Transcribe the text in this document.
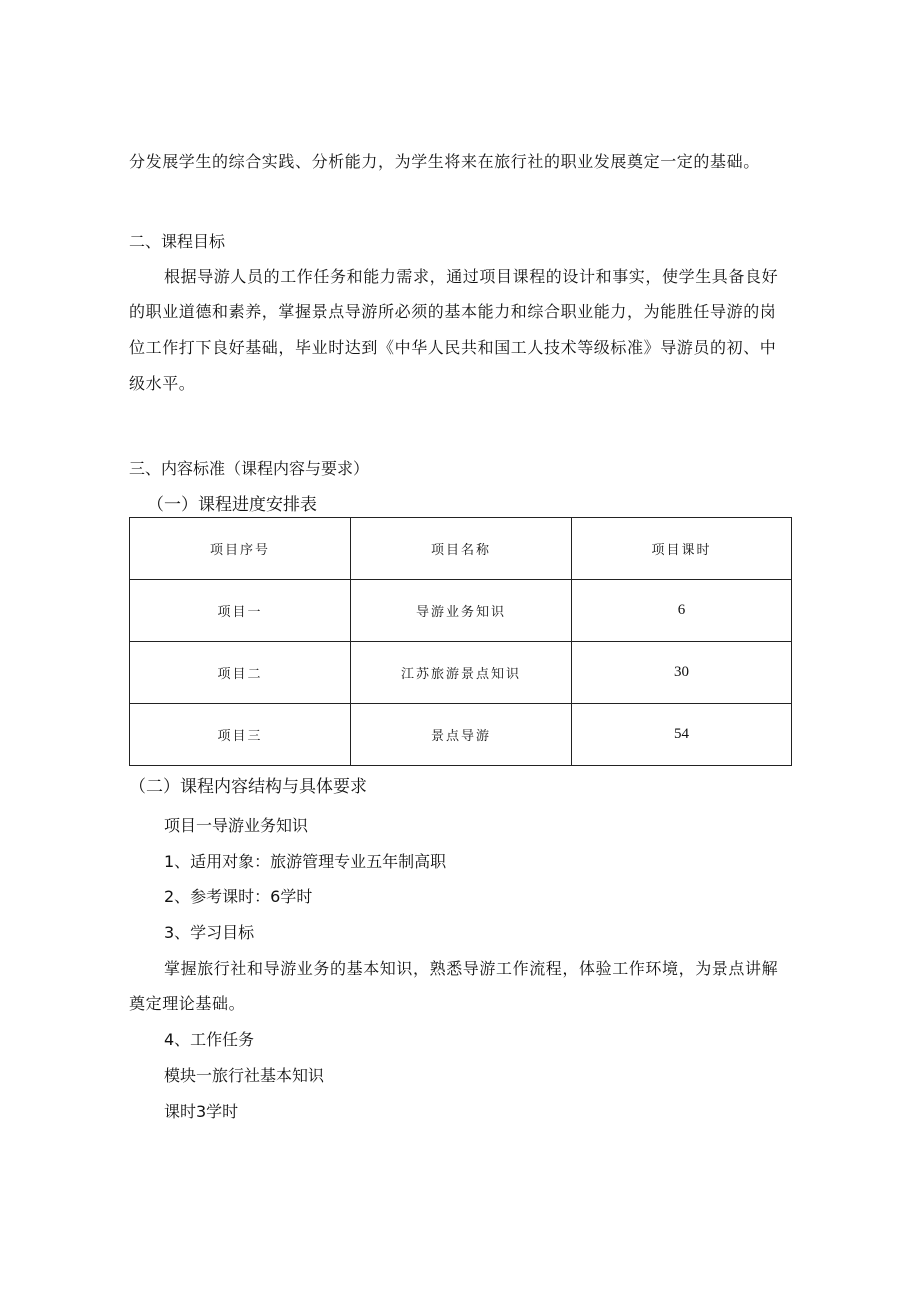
分发展学生的综合实践、分析能力，为学生将来在旅行社的职业发展奠定一定的基础。
二、课程目标
根据导游人员的工作任务和能力需求，通过项目课程的设计和事实，使学生具备良好
的职业道德和素养，掌握景点导游所必须的基本能力和综合职业能力，为能胜任导游的岗
位工作打下良好基础，毕业时达到《中华人民共和国工人技术等级标准》导游员的初、中
级水平。
三、内容标准（课程内容与要求）
（一）课程进度安排表
项目序号	项目名称	项目课时
项目一	导游业务知识	6
项目二	江苏旅游景点知识	30
项目三	景点导游	54
（二）课程内容结构与具体要求
项目一导游业务知识
1、适用对象：旅游管理专业五年制高职
2、参考课时：6学时
3、学习目标
掌握旅行社和导游业务的基本知识，熟悉导游工作流程，体验工作环境，为景点讲解
奠定理论基础。
4、工作任务
模块一旅行社基本知识
课时3学时
